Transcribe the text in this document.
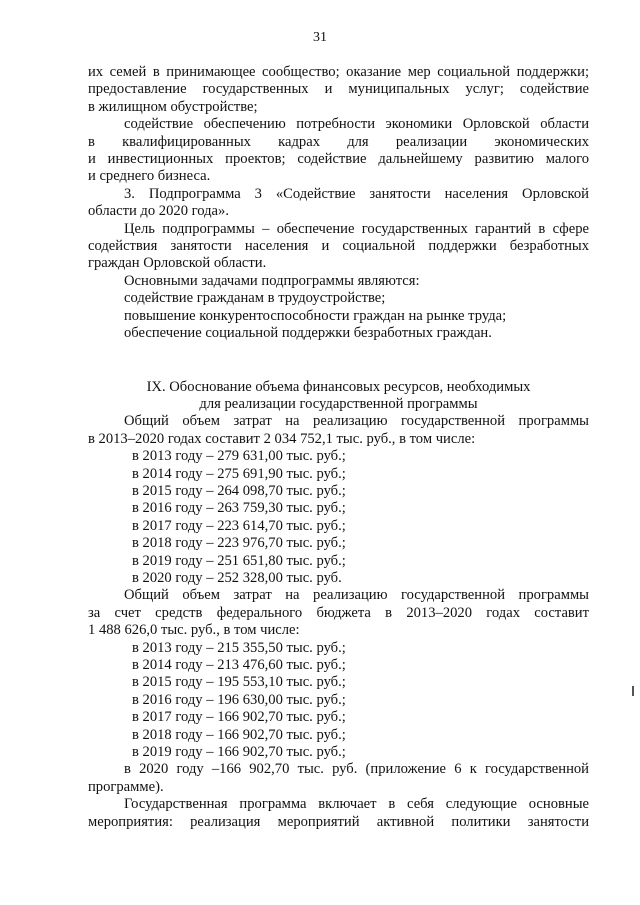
31

их семей в принимающее сообщество; оказание мер социальной поддержки;

предоставление государственных и муниципальных услуг; содействие

в жилищном обустройстве;

содействие обеспечению потребности экономики Орловской области

в квалифицированных кадрах для реализации экономических

и инвестиционных проектов; содействие дальнейшему развитию малого

и среднего бизнеса.

3. Подпрограмма 3 «Содействие занятости населения Орловской

области до 2020 года».

Цель подпрограммы – обеспечение государственных гарантий в сфере

содействия занятости населения и социальной поддержки безработных

граждан Орловской области.

Основными задачами подпрограммы являются:

содействие гражданам в трудоустройстве;

повышение конкурентоспособности граждан на рынке труда;

обеспечение социальной поддержки безработных граждан.

IX. Обоснование объема финансовых ресурсов, необходимых

для реализации государственной программы

Общий объем затрат на реализацию государственной программы

в 2013–2020 годах составит 2 034 752,1 тыс. руб., в том числе:

в 2013 году – 279 631,00 тыс. руб.;

в 2014 году – 275 691,90 тыс. руб.;

в 2015 году – 264 098,70 тыс. руб.;

в 2016 году – 263 759,30 тыс. руб.;

в 2017 году – 223 614,70 тыс. руб.;

в 2018 году – 223 976,70 тыс. руб.;

в 2019 году – 251 651,80 тыс. руб.;

в 2020 году – 252 328,00 тыс. руб.

Общий объем затрат на реализацию государственной программы

за счет средств федерального бюджета в 2013–2020 годах составит

1 488 626,0 тыс. руб., в том числе:

в 2013 году – 215 355,50 тыс. руб.;

в 2014 году – 213 476,60 тыс. руб.;

в 2015 году – 195 553,10 тыс. руб.;

в 2016 году – 196 630,00 тыс. руб.;

в 2017 году – 166 902,70 тыс. руб.;

в 2018 году – 166 902,70 тыс. руб.;

в 2019 году – 166 902,70 тыс. руб.;

в 2020 году –166 902,70 тыс. руб. (приложение 6 к государственной

программе).

Государственная программа включает в себя следующие основные

мероприятия: реализация мероприятий активной политики занятости
